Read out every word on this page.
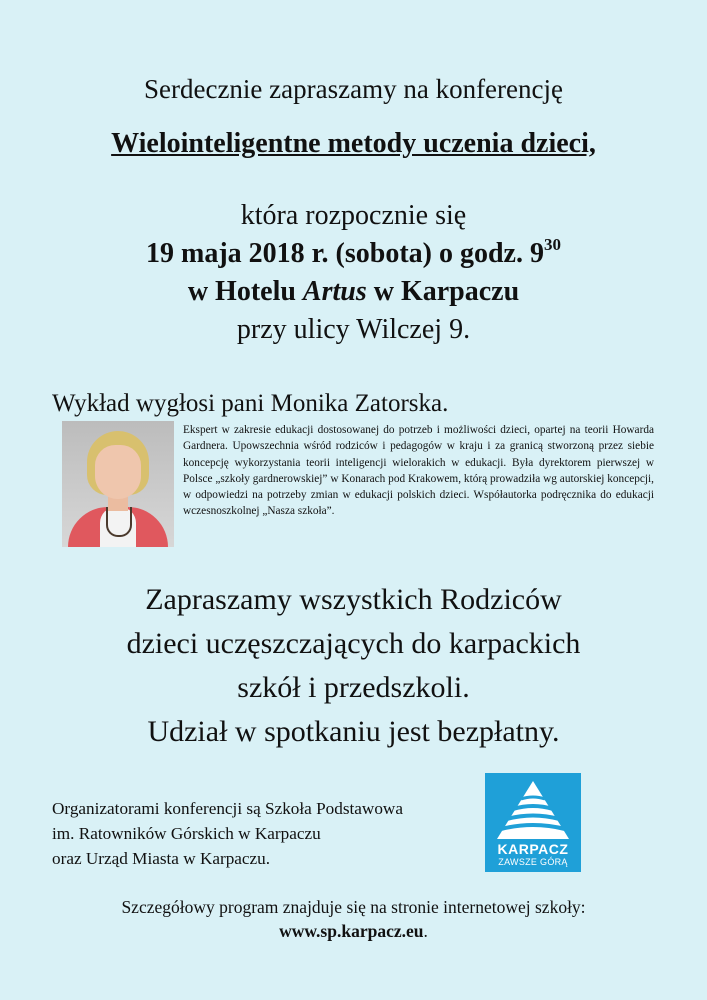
Serdecznie zapraszamy na konferencję
Wielointeligentne metody uczenia dzieci,
która rozpocznie się
19 maja 2018 r. (sobota) o godz. $9^{30}$
w Hotelu Artus w Karpaczu
przy ulicy Wilczej 9.
Wykład wygłosi pani Monika Zatorska.
Ekspert w zakresie edukacji dostosowanej do potrzeb i możliwości dzieci, opartej na teorii Howarda Gardnera. Upowszechnia wśród rodziców i pedagogów w kraju i za granicą stworzoną przez siebie koncepcję wykorzystania teorii inteligencji wielorakich w edukacji. Była dyrektorem pierwszej w Polsce „szkoły gardnerowskiej” w Konarach pod Krakowem, którą prowadziła wg autorskiej koncepcji, w odpowiedzi na potrzeby zmian w edukacji polskich dzieci. Współautorka podręcznika do edukacji wczesnoszkolnej „Nasza szkoła”.
Zapraszamy wszystkich Rodziców
dzieci uczęszczających do karpackich
szkół i przedszkoli.
Udział w spotkaniu jest bezpłatny.
Organizatorami konferencji są Szkoła Podstawowa
im. Ratowników Górskich w Karpaczu
oraz Urząd Miasta w Karpaczu.	KARPACZ
ZAWSZE GÓRĄ
Szczegółowy program znajduje się na stronie internetowej szkoły:
www.sp.karpacz.eu.
